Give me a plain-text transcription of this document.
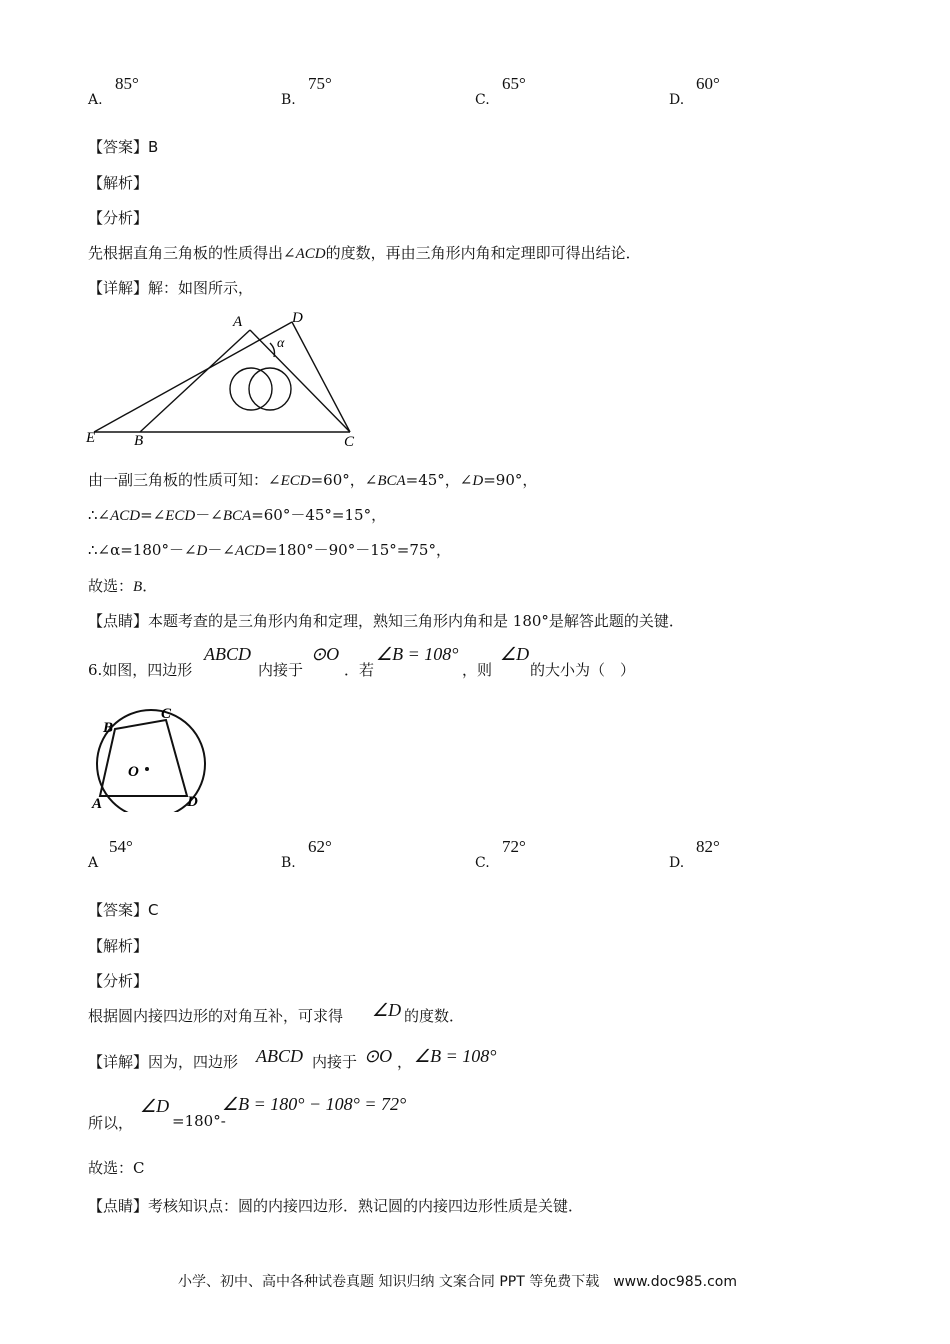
A.
85°
B.
75°
C.
65°
D.
60°
【答案】B
【解析】
【分析】
先根据直角三角板的性质得出∠ACD的度数，再由三角形内角和定理即可得出结论．
【详解】解：如图所示，
A	D
α
E	B	C
由一副三角板的性质可知：∠ECD=60°，∠BCA=45°，∠D=90°，
∴∠ACD=∠ECD－∠BCA=60°－45°=15°，
∴∠α=180°－∠D－∠ACD=180°－90°－15°=75°，
故选：B．
【点睛】本题考查的是三角形内角和定理，熟知三角形内角和是 180°是解答此题的关键．
6.如图，四边形
ABCD
内接于
⊙O
．若
∠B = 108°
，则
∠D
的大小为（　）
B
C
O
A	D
A
54°
B.
62°
C.
72°
D.
82°
【答案】C
【解析】
【分析】
根据圆内接四边形的对角互补，可求得 ∠D 的度数．
【详解】因为，四边形 ABCD 内接于 ⊙O ， ∠B = 108°
所以，
∠D
=180°-
∠B = 180° − 108° = 72°
故选：C
【点睛】考核知识点：圆的内接四边形．熟记圆的内接四边形性质是关键．
小学、初中、高中各种试卷真题 知识归纳 文案合同 PPT 等免费下载　www.doc985.com
